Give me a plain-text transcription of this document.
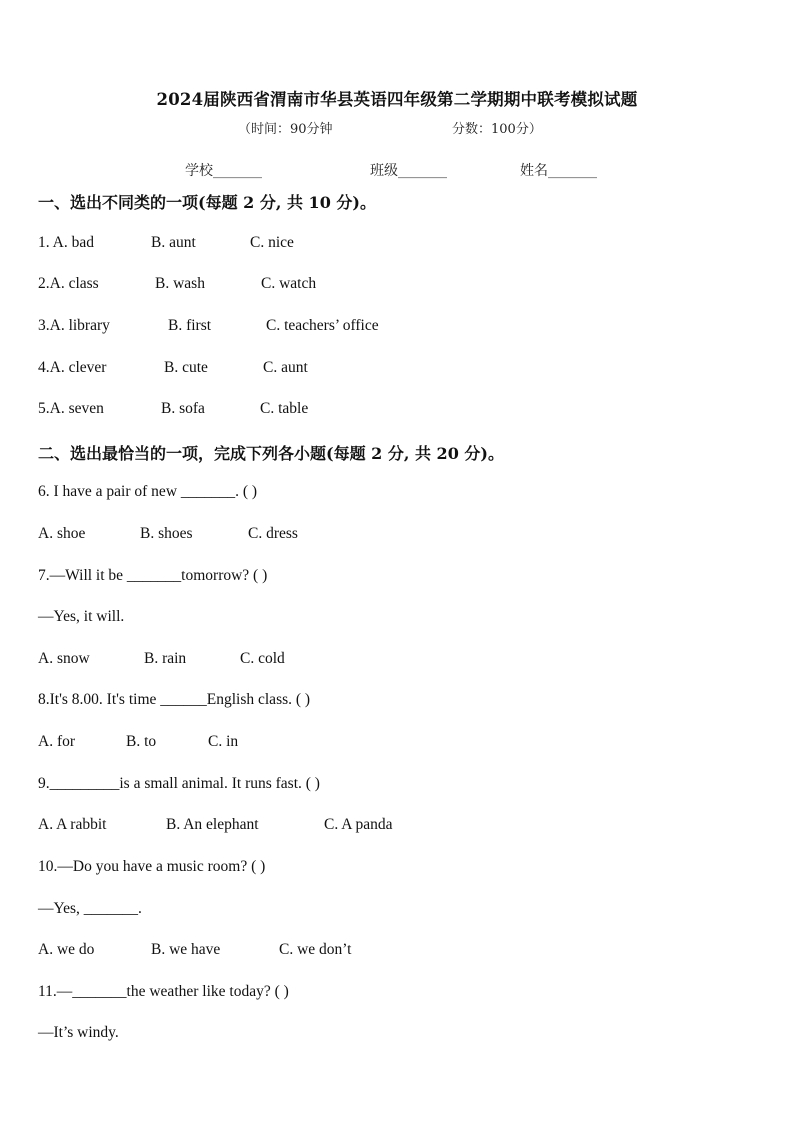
2024届陕西省渭南市华县英语四年级第二学期期中联考模拟试题
（时间：90分钟	分数：100分）
学校_______	班级_______	姓名_______
一、选出不同类的一项(每题 2 分, 共 10 分)。
1. A. bad	B. aunt	C. nice
2.A. class	B. wash	C. watch
3.A. library	B. first	C. teachers’ office
4.A. clever	B. cute	C. aunt
5.A. seven	B. sofa	C. table
二、选出最恰当的一项，完成下列各小题(每题 2 分, 共 20 分)。
6. I have a pair of new _______. ( )
A. shoe	B. shoes	C. dress
7.—Will it be _______tomorrow? ( )
—Yes, it will.
A. snow	B. rain	C. cold
8.It's 8.00. It's time ______English class. ( )
A. for	B. to	C. in
9._________is a small animal. It runs fast. ( )
A. A rabbit	B. An elephant	C. A panda
10.—Do you have a music room? ( )
—Yes, _______.
A. we do	B. we have	C. we don’t
11.—_______the weather like today? ( )
—It’s windy.
